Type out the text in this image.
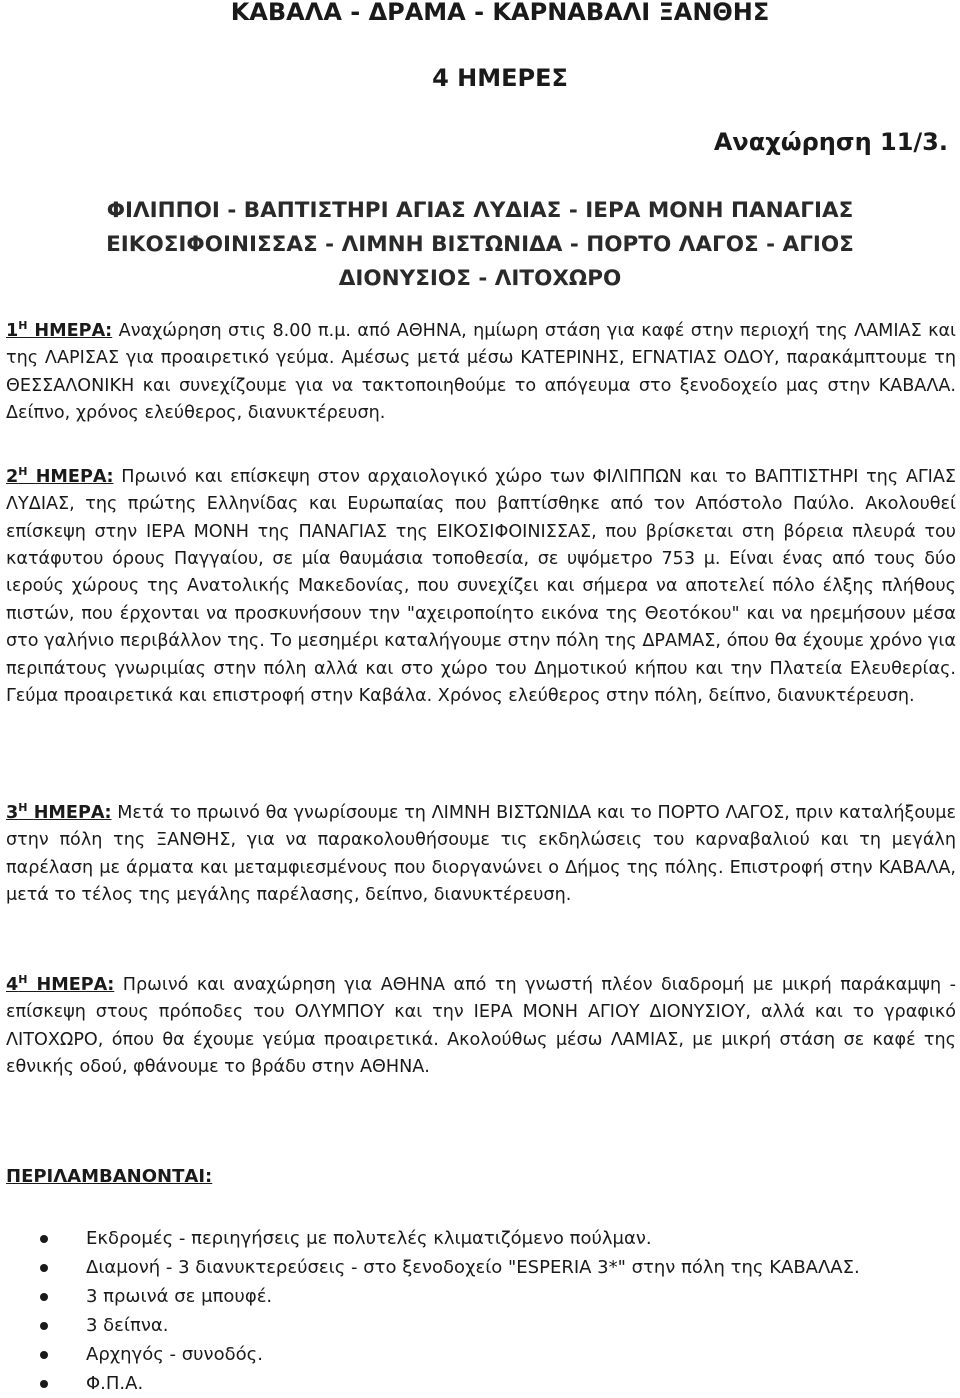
ΚΑΒΑΛΑ - ΔΡΑΜΑ - ΚΑΡΝΑΒΑΛΙ ΞΑΝΘΗΣ
4 ΗΜΕΡΕΣ
Αναχώρηση 11/3.
ΦΙΛΙΠΠΟΙ - ΒΑΠΤΙΣΤΗΡΙ ΑΓΙΑΣ ΛΥΔΙΑΣ - ΙΕΡΑ ΜΟΝΗ ΠΑΝΑΓΙΑΣ
ΕΙΚΟΣΙΦΟΙΝΙΣΣΑΣ - ΛΙΜΝΗ ΒΙΣΤΩΝΙΔΑ - ΠΟΡΤΟ ΛΑΓΟΣ - ΑΓΙΟΣ
ΔΙΟΝΥΣΙΟΣ - ΛΙΤΟΧΩΡΟ

$1^H$ ΗΜΕΡΑ: Αναχώρηση στις 8.00 π.μ. από ΑΘΗΝΑ, ημίωρη στάση για καφέ στην περιοχή της ΛΑΜΙΑΣ και της ΛΑΡΙΣΑΣ για προαιρετικό γεύμα. Αμέσως μετά μέσω ΚΑΤΕΡΙΝΗΣ, ΕΓΝΑΤΙΑΣ ΟΔΟΥ, παρακάμπτουμε τη ΘΕΣΣΑΛΟΝΙΚΗ και συνεχίζουμε για να τακτοποιηθούμε το απόγευμα στο ξενοδοχείο μας στην ΚΑΒΑΛΑ. Δείπνο, χρόνος ελεύθερος, διανυκτέρευση.

$2^H$ ΗΜΕΡΑ: Πρωινό και επίσκεψη στον αρχαιολογικό χώρο των ΦΙΛΙΠΠΩΝ και το ΒΑΠΤΙΣΤΗΡΙ της ΑΓΙΑΣ ΛΥΔΙΑΣ, της πρώτης Ελληνίδας και Ευρωπαίας που βαπτίσθηκε από τον Απόστολο Παύλο. Ακολουθεί επίσκεψη στην ΙΕΡΑ ΜΟΝΗ της ΠΑΝΑΓΙΑΣ της ΕΙΚΟΣΙΦΟΙΝΙΣΣΑΣ, που βρίσκεται στη βόρεια πλευρά του κατάφυτου όρους Παγγαίου, σε μία θαυμάσια τοποθεσία, σε υψόμετρο 753 μ. Είναι ένας από τους δύο ιερούς χώρους της Ανατολικής Μακεδονίας, που συνεχίζει και σήμερα να αποτελεί πόλο έλξης πλήθους πιστών, που έρχονται να προσκυνήσουν την "αχειροποίητο εικόνα της Θεοτόκου" και να ηρεμήσουν μέσα στο γαλήνιο περιβάλλον της. Το μεσημέρι καταλήγουμε στην πόλη της ΔΡΑΜΑΣ, όπου θα έχουμε χρόνο για περιπάτους γνωριμίας στην πόλη αλλά και στο χώρο του Δημοτικού κήπου και την Πλατεία Ελευθερίας. Γεύμα προαιρετικά και επιστροφή στην Καβάλα. Χρόνος ελεύθερος στην πόλη, δείπνο, διανυκτέρευση.

$3^H$ ΗΜΕΡΑ: Μετά το πρωινό θα γνωρίσουμε τη ΛΙΜΝΗ ΒΙΣΤΩΝΙΔΑ και το ΠΟΡΤΟ ΛΑΓΟΣ, πριν καταλήξουμε στην πόλη της ΞΑΝΘΗΣ, για να παρακολουθήσουμε τις εκδηλώσεις του καρναβαλιού και τη μεγάλη παρέλαση με άρματα και μεταμφιεσμένους που διοργανώνει ο Δήμος της πόλης. Επιστροφή στην ΚΑΒΑΛΑ, μετά το τέλος της μεγάλης παρέλασης, δείπνο, διανυκτέρευση.

$4^H$ ΗΜΕΡΑ: Πρωινό και αναχώρηση για ΑΘΗΝΑ από τη γνωστή πλέον διαδρομή με μικρή παράκαμψη - επίσκεψη στους πρόποδες του ΟΛΥΜΠΟΥ και την ΙΕΡΑ ΜΟΝΗ ΑΓΙΟΥ ΔΙΟΝΥΣΙΟΥ, αλλά και το γραφικό ΛΙΤΟΧΩΡΟ, όπου θα έχουμε γεύμα προαιρετικά. Ακολούθως μέσω ΛΑΜΙΑΣ, με μικρή στάση σε καφέ της εθνικής οδού, φθάνουμε το βράδυ στην ΑΘΗΝΑ.

ΠΕΡΙΛΑΜΒΑΝΟΝΤΑΙ:
Εκδρομές - περιηγήσεις με πολυτελές κλιματιζόμενο πούλμαν.
Διαμονή - 3 διανυκτερεύσεις - στο ξενοδοχείο "ESPERIA 3*" στην πόλη της ΚΑΒΑΛΑΣ.
3 πρωινά σε μπουφέ.
3 δείπνα.
Αρχηγός - συνοδός.
Φ.Π.Α.
